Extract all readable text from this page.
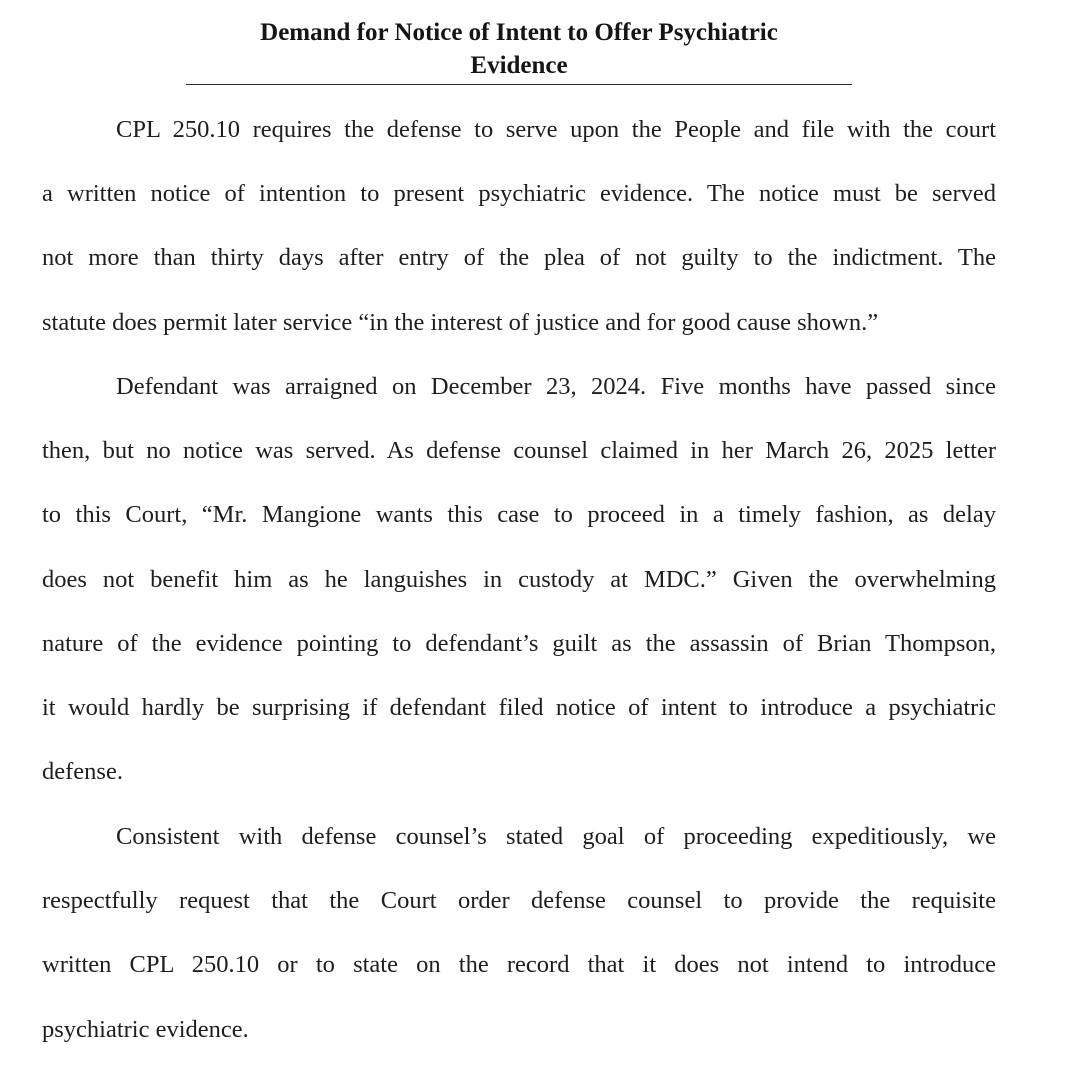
Demand for Notice of Intent to Offer Psychiatric
Evidence

CPL 250.10 requires the defense to serve upon the People and file with the court
a written notice of intention to present psychiatric evidence. The notice must be served
not more than thirty days after entry of the plea of not guilty to the indictment. The
statute does permit later service “in the interest of justice and for good cause shown.”

Defendant was arraigned on December 23, 2024. Five months have passed since
then, but no notice was served. As defense counsel claimed in her March 26, 2025 letter
to this Court, “Mr. Mangione wants this case to proceed in a timely fashion, as delay
does not benefit him as he languishes in custody at MDC.” Given the overwhelming
nature of the evidence pointing to defendant’s guilt as the assassin of Brian Thompson,
it would hardly be surprising if defendant filed notice of intent to introduce a psychiatric
defense.

Consistent with defense counsel’s stated goal of proceeding expeditiously, we
respectfully request that the Court order defense counsel to provide the requisite
written CPL 250.10 or to state on the record that it does not intend to introduce
psychiatric evidence.
